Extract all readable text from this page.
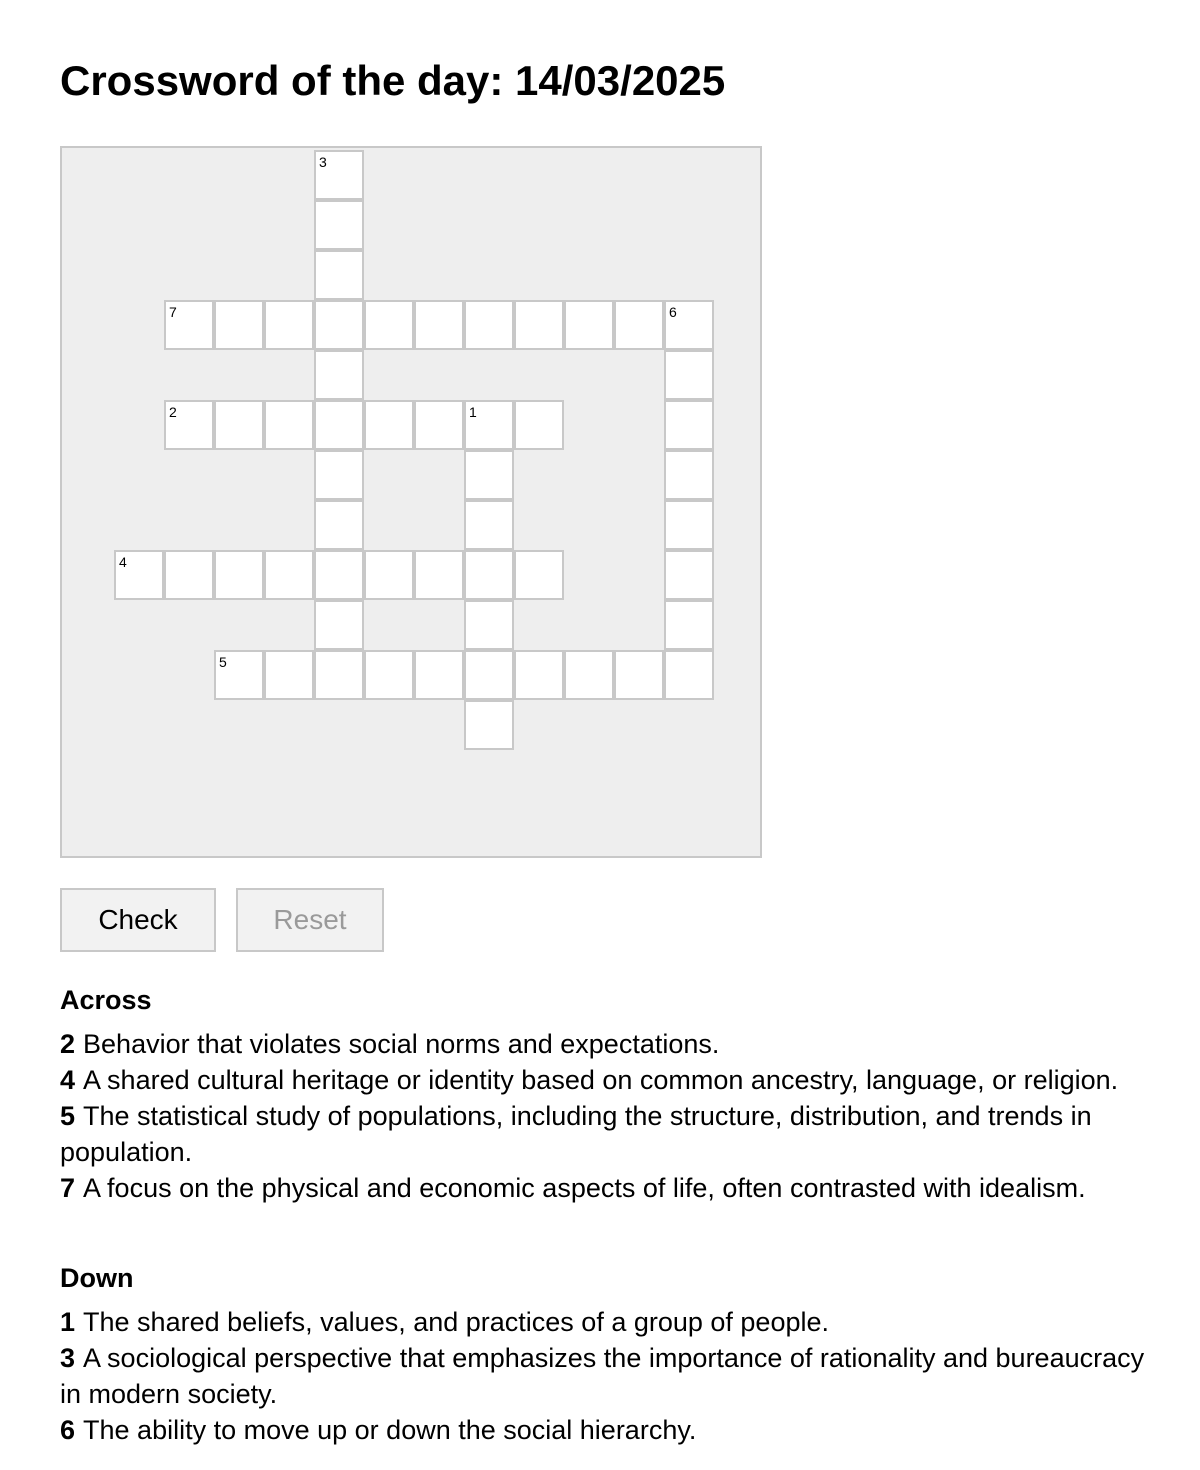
Crossword of the day: 14/03/2025
3
7	6
2	1
4
5
Check	Reset
Across

2 Behavior that violates social norms and expectations.

4 A shared cultural heritage or identity based on common ancestry, language, or religion.

5 The statistical study of populations, including the structure, distribution, and trends in population.

7 A focus on the physical and economic aspects of life, often contrasted with idealism.

Down

1 The shared beliefs, values, and practices of a group of people.

3 A sociological perspective that emphasizes the importance of rationality and bureaucracy in modern society.

6 The ability to move up or down the social hierarchy.
